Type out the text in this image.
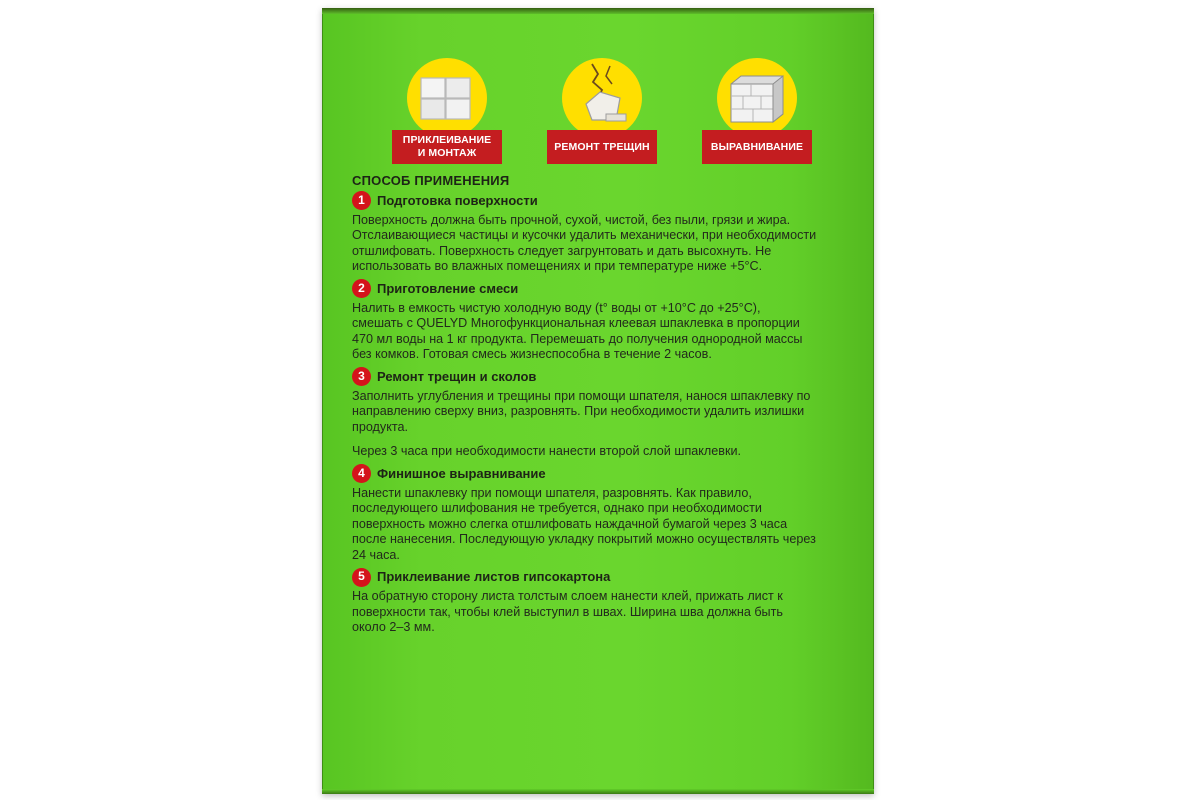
ПРИКЛЕИВАНИЕ
И МОНТАЖ
РЕМОНТ ТРЕЩИН	ВЫРАВНИВАНИЕ
СПОСОБ ПРИМЕНЕНИЯ
1 Подготовка поверхности

Поверхность должна быть прочной, сухой, чистой, без пыли, грязи и жира.
Отслаивающиеся частицы и кусочки удалить механически, при необходимости
отшлифовать. Поверхность следует загрунтовать и дать высохнуть. Не
использовать во влажных помещениях и при температуре ниже +5°С.

2 Приготовление смеси

Налить в емкость чистую холодную воду (t° воды от +10°С до +25°С),
смешать с QUELYD Многофункциональная клеевая шпаклевка в пропорции
470 мл воды на 1 кг продукта. Перемешать до получения однородной массы
без комков. Готовая смесь жизнеспособна в течение 2 часов.

3 Ремонт трещин и сколов

Заполнить углубления и трещины при помощи шпателя, нанося шпаклевку по
направлению сверху вниз, разровнять. При необходимости удалить излишки
продукта.

Через 3 часа при необходимости нанести второй слой шпаклевки.

4 Финишное выравнивание

Нанести шпаклевку при помощи шпателя, разровнять. Как правило,
последующего шлифования не требуется, однако при необходимости
поверхность можно слегка отшлифовать наждачной бумагой через 3 часа
после нанесения. Последующую укладку покрытий можно осуществлять через
24 часа.

5 Приклеивание листов гипсокартона

На обратную сторону листа толстым слоем нанести клей, прижать лист к
поверхности так, чтобы клей выступил в швах. Ширина шва должна быть
около 2–3 мм.
